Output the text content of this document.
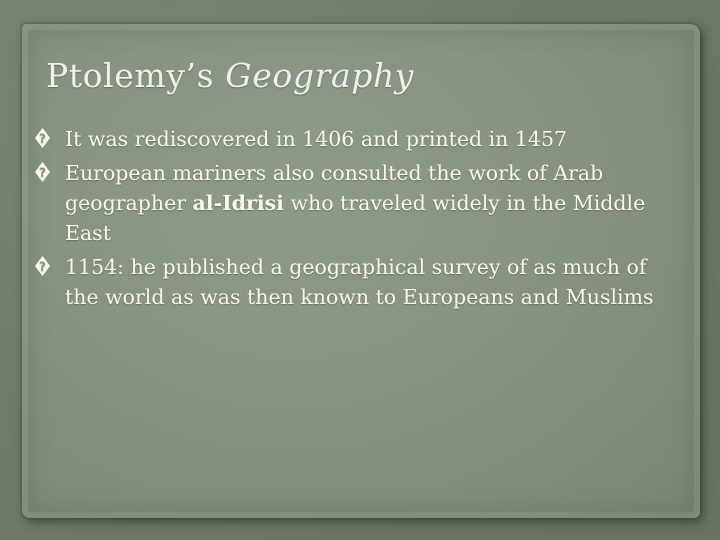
Ptolemy’s Geography
? It was rediscovered in 1406 and printed in 1457
? European mariners also consulted the work of Arab geographer al-Idrisi who traveled widely in the Middle East
? 1154: he published a geographical survey of as much of the world as was then known to Europeans and Muslims
